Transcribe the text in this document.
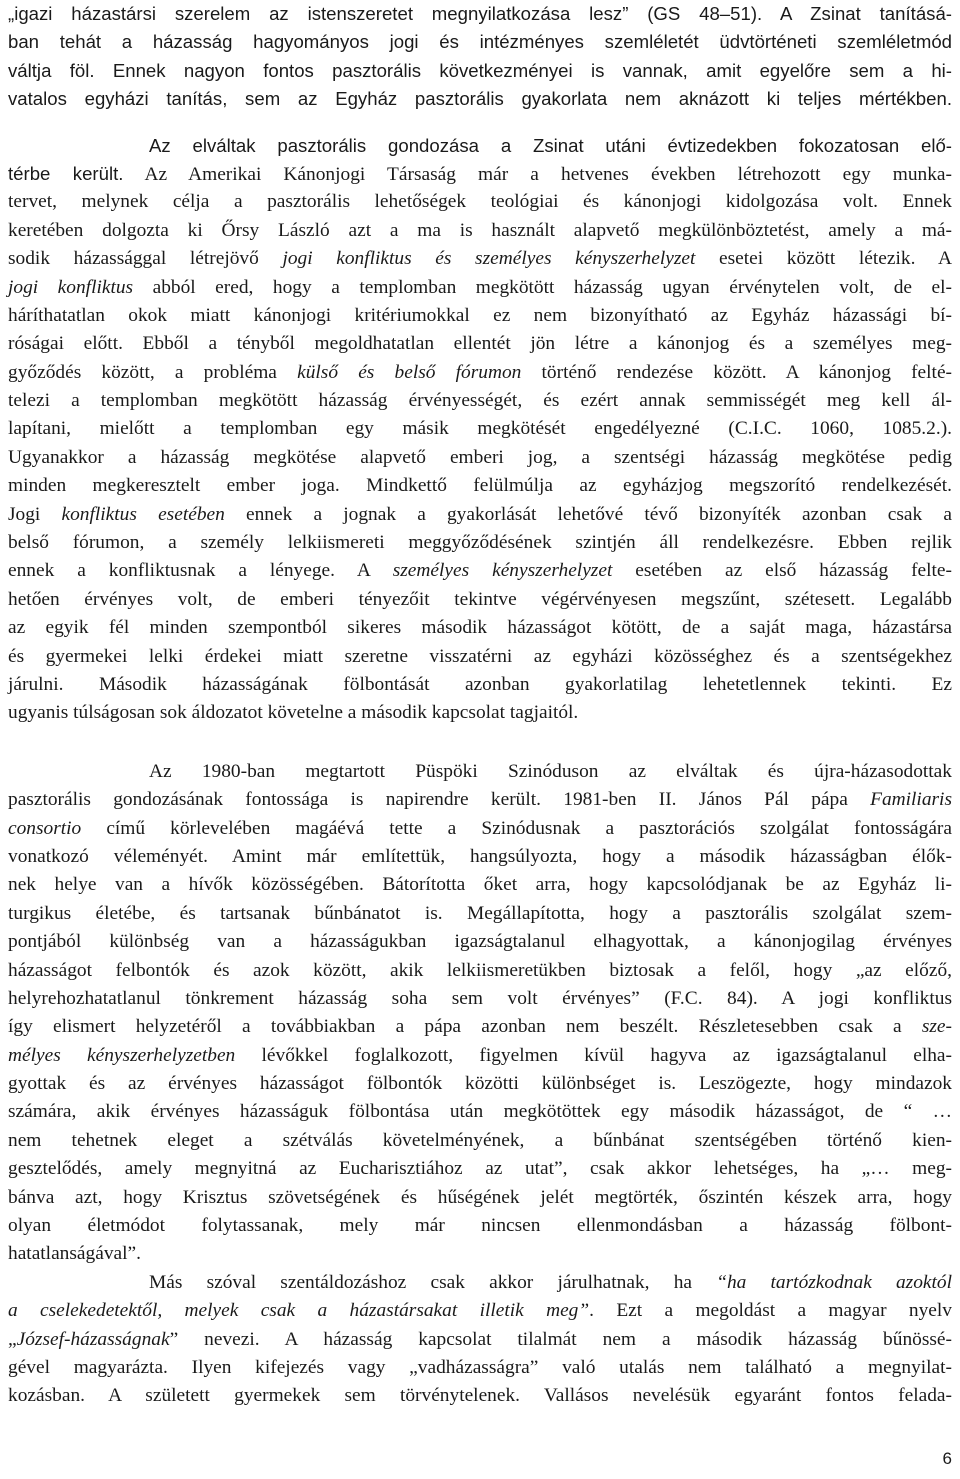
„igazi házastársi szerelem az istenszeretet megnyilatkozása lesz” (GS 48–51). A Zsinat tanításá-
ban tehát a házasság hagyományos jogi és intézményes szemléletét üdvtörténeti szemléletmód
váltja föl. Ennek nagyon fontos pasztorális következményei is vannak, amit egyelőre sem a hi-
vatalos egyházi tanítás, sem az Egyház pasztorális gyakorlata nem aknázott ki teljes mértékben.
Az elváltak pasztorális gondozása a Zsinat utáni évtizedekben fokozatosan elő-
térbe került. Az Amerikai Kánonjogi Társaság már a hetvenes években létrehozott egy munka-
tervet, melynek célja a pasztorális lehetőségek teológiai és kánonjogi kidolgozása volt. Ennek
keretében dolgozta ki Őrsy László azt a ma is használt alapvető megkülönböztetést, amely a má-
sodik házassággal létrejövő jogi konfliktus és személyes kényszerhelyzet esetei között létezik. A
jogi konfliktus abból ered, hogy a templomban megkötött házasság ugyan érvénytelen volt, de el-
háríthatatlan okok miatt kánonjogi kritériumokkal ez nem bizonyítható az Egyház házassági bí-
róságai előtt. Ebből a tényből megoldhatatlan ellentét jön létre a kánonjog és a személyes meg-
győződés között, a probléma külső és belső fórumon történő rendezése között. A kánonjog felté-
telezi a templomban megkötött házasság érvényességét, és ezért annak semmisségét meg kell ál-
lapítani, mielőtt a templomban egy másik megkötését engedélyezné (C.I.C. 1060, 1085.2.).
Ugyanakkor a házasság megkötése alapvető emberi jog, a szentségi házasság megkötése pedig
minden megkeresztelt ember joga. Mindkettő felülmúlja az egyházjog megszorító rendelkezését.
Jogi konfliktus esetében ennek a jognak a gyakorlását lehetővé tévő bizonyíték azonban csak a
belső fórumon, a személy lelkiismereti meggyőződésének szintjén áll rendelkezésre. Ebben rejlik
ennek a konfliktusnak a lényege. A személyes kényszerhelyzet esetében az első házasság felte-
hetően érvényes volt, de emberi tényezőit tekintve végérvényesen megszűnt, szétesett. Legalább
az egyik fél minden szempontból sikeres második házasságot kötött, de a saját maga, házastársa
és gyermekei lelki érdekei miatt szeretne visszatérni az egyházi közösséghez és a szentségekhez
járulni. Második házasságának fölbontását azonban gyakorlatilag lehetetlennek tekinti. Ez
ugyanis túlságosan sok áldozatot követelne a második kapcsolat tagjaitól.
Az 1980-ban megtartott Püspöki Szinóduson az elváltak és újra-házasodottak
pasztorális gondozásának fontossága is napirendre került. 1981-ben II. János Pál pápa Familiaris
consortio című körlevelében magáévá tette a Szinódusnak a pasztorációs szolgálat fontosságára
vonatkozó véleményét. Amint már említettük, hangsúlyozta, hogy a második házasságban élők-
nek helye van a hívők közösségében. Bátorította őket arra, hogy kapcsolódjanak be az Egyház li-
turgikus életébe, és tartsanak bűnbánatot is. Megállapította, hogy a pasztorális szolgálat szem-
pontjából különbség van a házasságukban igazságtalanul elhagyottak, a kánonjogilag érvényes
házasságot felbontók és azok között, akik lelkiismeretükben biztosak a felől, hogy „az előző,
helyrehozhatatlanul tönkrement házasság soha sem volt érvényes” (F.C. 84). A jogi konfliktus
így elismert helyzetéről a továbbiakban a pápa azonban nem beszélt. Részletesebben csak a sze-
mélyes kényszerhelyzetben lévőkkel foglalkozott, figyelmen kívül hagyva az igazságtalanul elha-
gyottak és az érvényes házasságot fölbontók közötti különbséget is. Leszögezte, hogy mindazok
számára, akik érvényes házasságuk fölbontása után megkötöttek egy második házasságot, de “ …
nem tehetnek eleget a szétválás követelményének, a bűnbánat szentségében történő kien-
gesztelődés, amely megnyitná az Eucharisztiához az utat”, csak akkor lehetséges, ha „… meg-
bánva azt, hogy Krisztus szövetségének és hűségének jelét megtörték, őszintén készek arra, hogy
olyan életmódot folytassanak, mely már nincsen ellenmondásban a házasság fölbont-
hatatlanságával”.
Más szóval szentáldozáshoz csak akkor járulhatnak, ha “ha tartózkodnak azoktól
a cselekedetektől, melyek csak a házastársakat illetik meg”. Ezt a megoldást a magyar nyelv
„József-házasságnak” nevezi. A házasság kapcsolat tilalmát nem a második házasság bűnössé-
gével magyarázta. Ilyen kifejezés vagy „vadházasságra” való utalás nem található a megnyilat-
kozásban. A született gyermekek sem törvénytelenek. Vallásos nevelésük egyaránt fontos felada-
6
